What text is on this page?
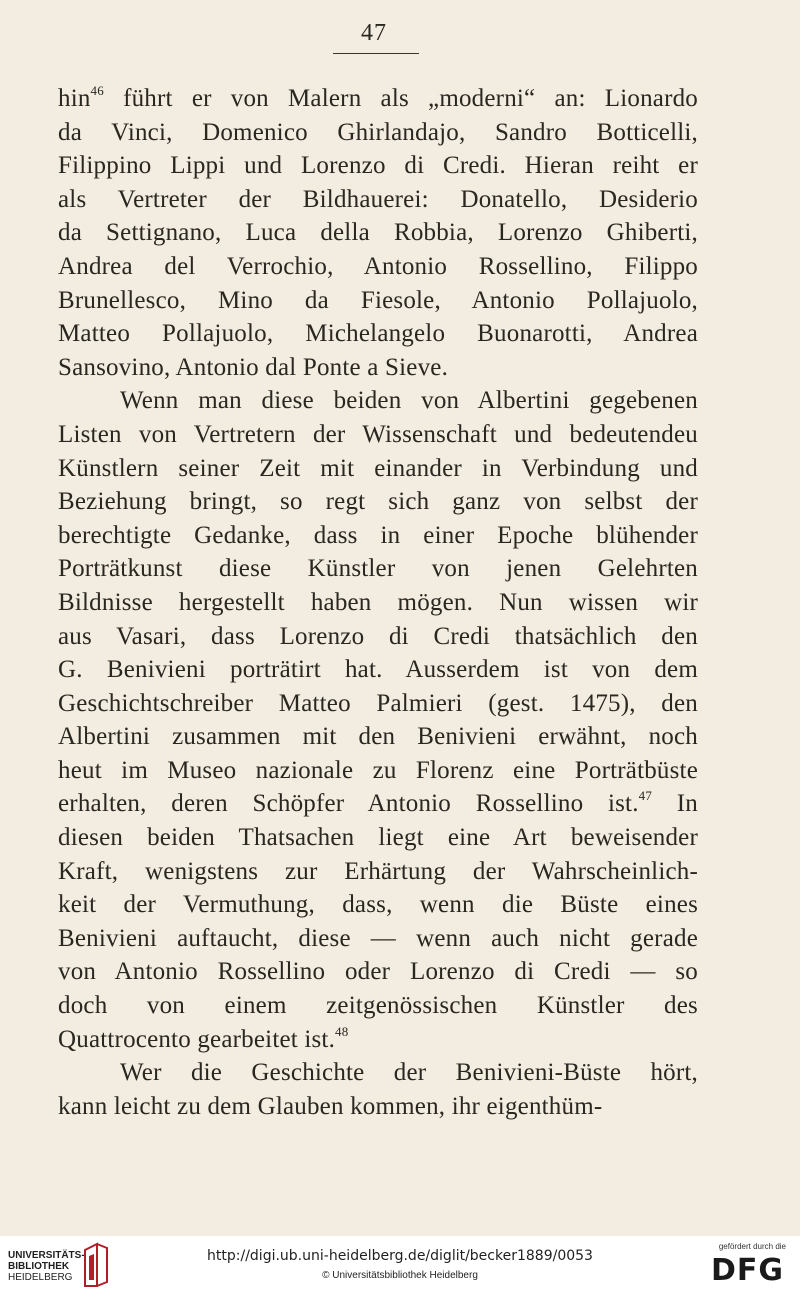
47
hin$^{46}$ führt er von Malern als „moderni“ an: Lionardo
da Vinci, Domenico Ghirlandajo, Sandro Botticelli,
Filippino Lippi und Lorenzo di Credi. Hieran reiht er
als Vertreter der Bildhauerei: Donatello, Desiderio
da Settignano, Luca della Robbia, Lorenzo Ghiberti,
Andrea del Verrochio, Antonio Rossellino, Filippo
Brunellesco, Mino da Fiesole, Antonio Pollajuolo,
Matteo Pollajuolo, Michelangelo Buonarotti, Andrea
Sansovino, Antonio dal Ponte a Sieve.
Wenn man diese beiden von Albertini gegebenen
Listen von Vertretern der Wissenschaft und bedeutendeu
Künstlern seiner Zeit mit einander in Verbindung und
Beziehung bringt, so regt sich ganz von selbst der
berechtigte Gedanke, dass in einer Epoche blühender
Porträtkunst diese Künstler von jenen Gelehrten
Bildnisse hergestellt haben mögen. Nun wissen wir
aus Vasari, dass Lorenzo di Credi thatsächlich den
G. Benivieni porträtirt hat. Ausserdem ist von dem
Geschichtschreiber Matteo Palmieri (gest. 1475), den
Albertini zusammen mit den Benivieni erwähnt, noch
heut im Museo nazionale zu Florenz eine Porträtbüste
erhalten, deren Schöpfer Antonio Rossellino ist.$^{47}$ In
diesen beiden Thatsachen liegt eine Art beweisender
Kraft, wenigstens zur Erhärtung der Wahrscheinlich-
keit der Vermuthung, dass, wenn die Büste eines
Benivieni auftaucht, diese — wenn auch nicht gerade
von Antonio Rossellino oder Lorenzo di Credi — so
doch von einem zeitgenössischen Künstler des
Quattrocento gearbeitet ist.$^{48}$
Wer die Geschichte der Benivieni-Büste hört,
kann leicht zu dem Glauben kommen, ihr eigenthüm-
UNIVERSITÄTS-
BIBLIOTHEK
HEIDELBERG
http://digi.ub.uni-heidelberg.de/diglit/becker1889/0053
© Universitätsbibliothek Heidelberg
gefördert durch die
DFG
